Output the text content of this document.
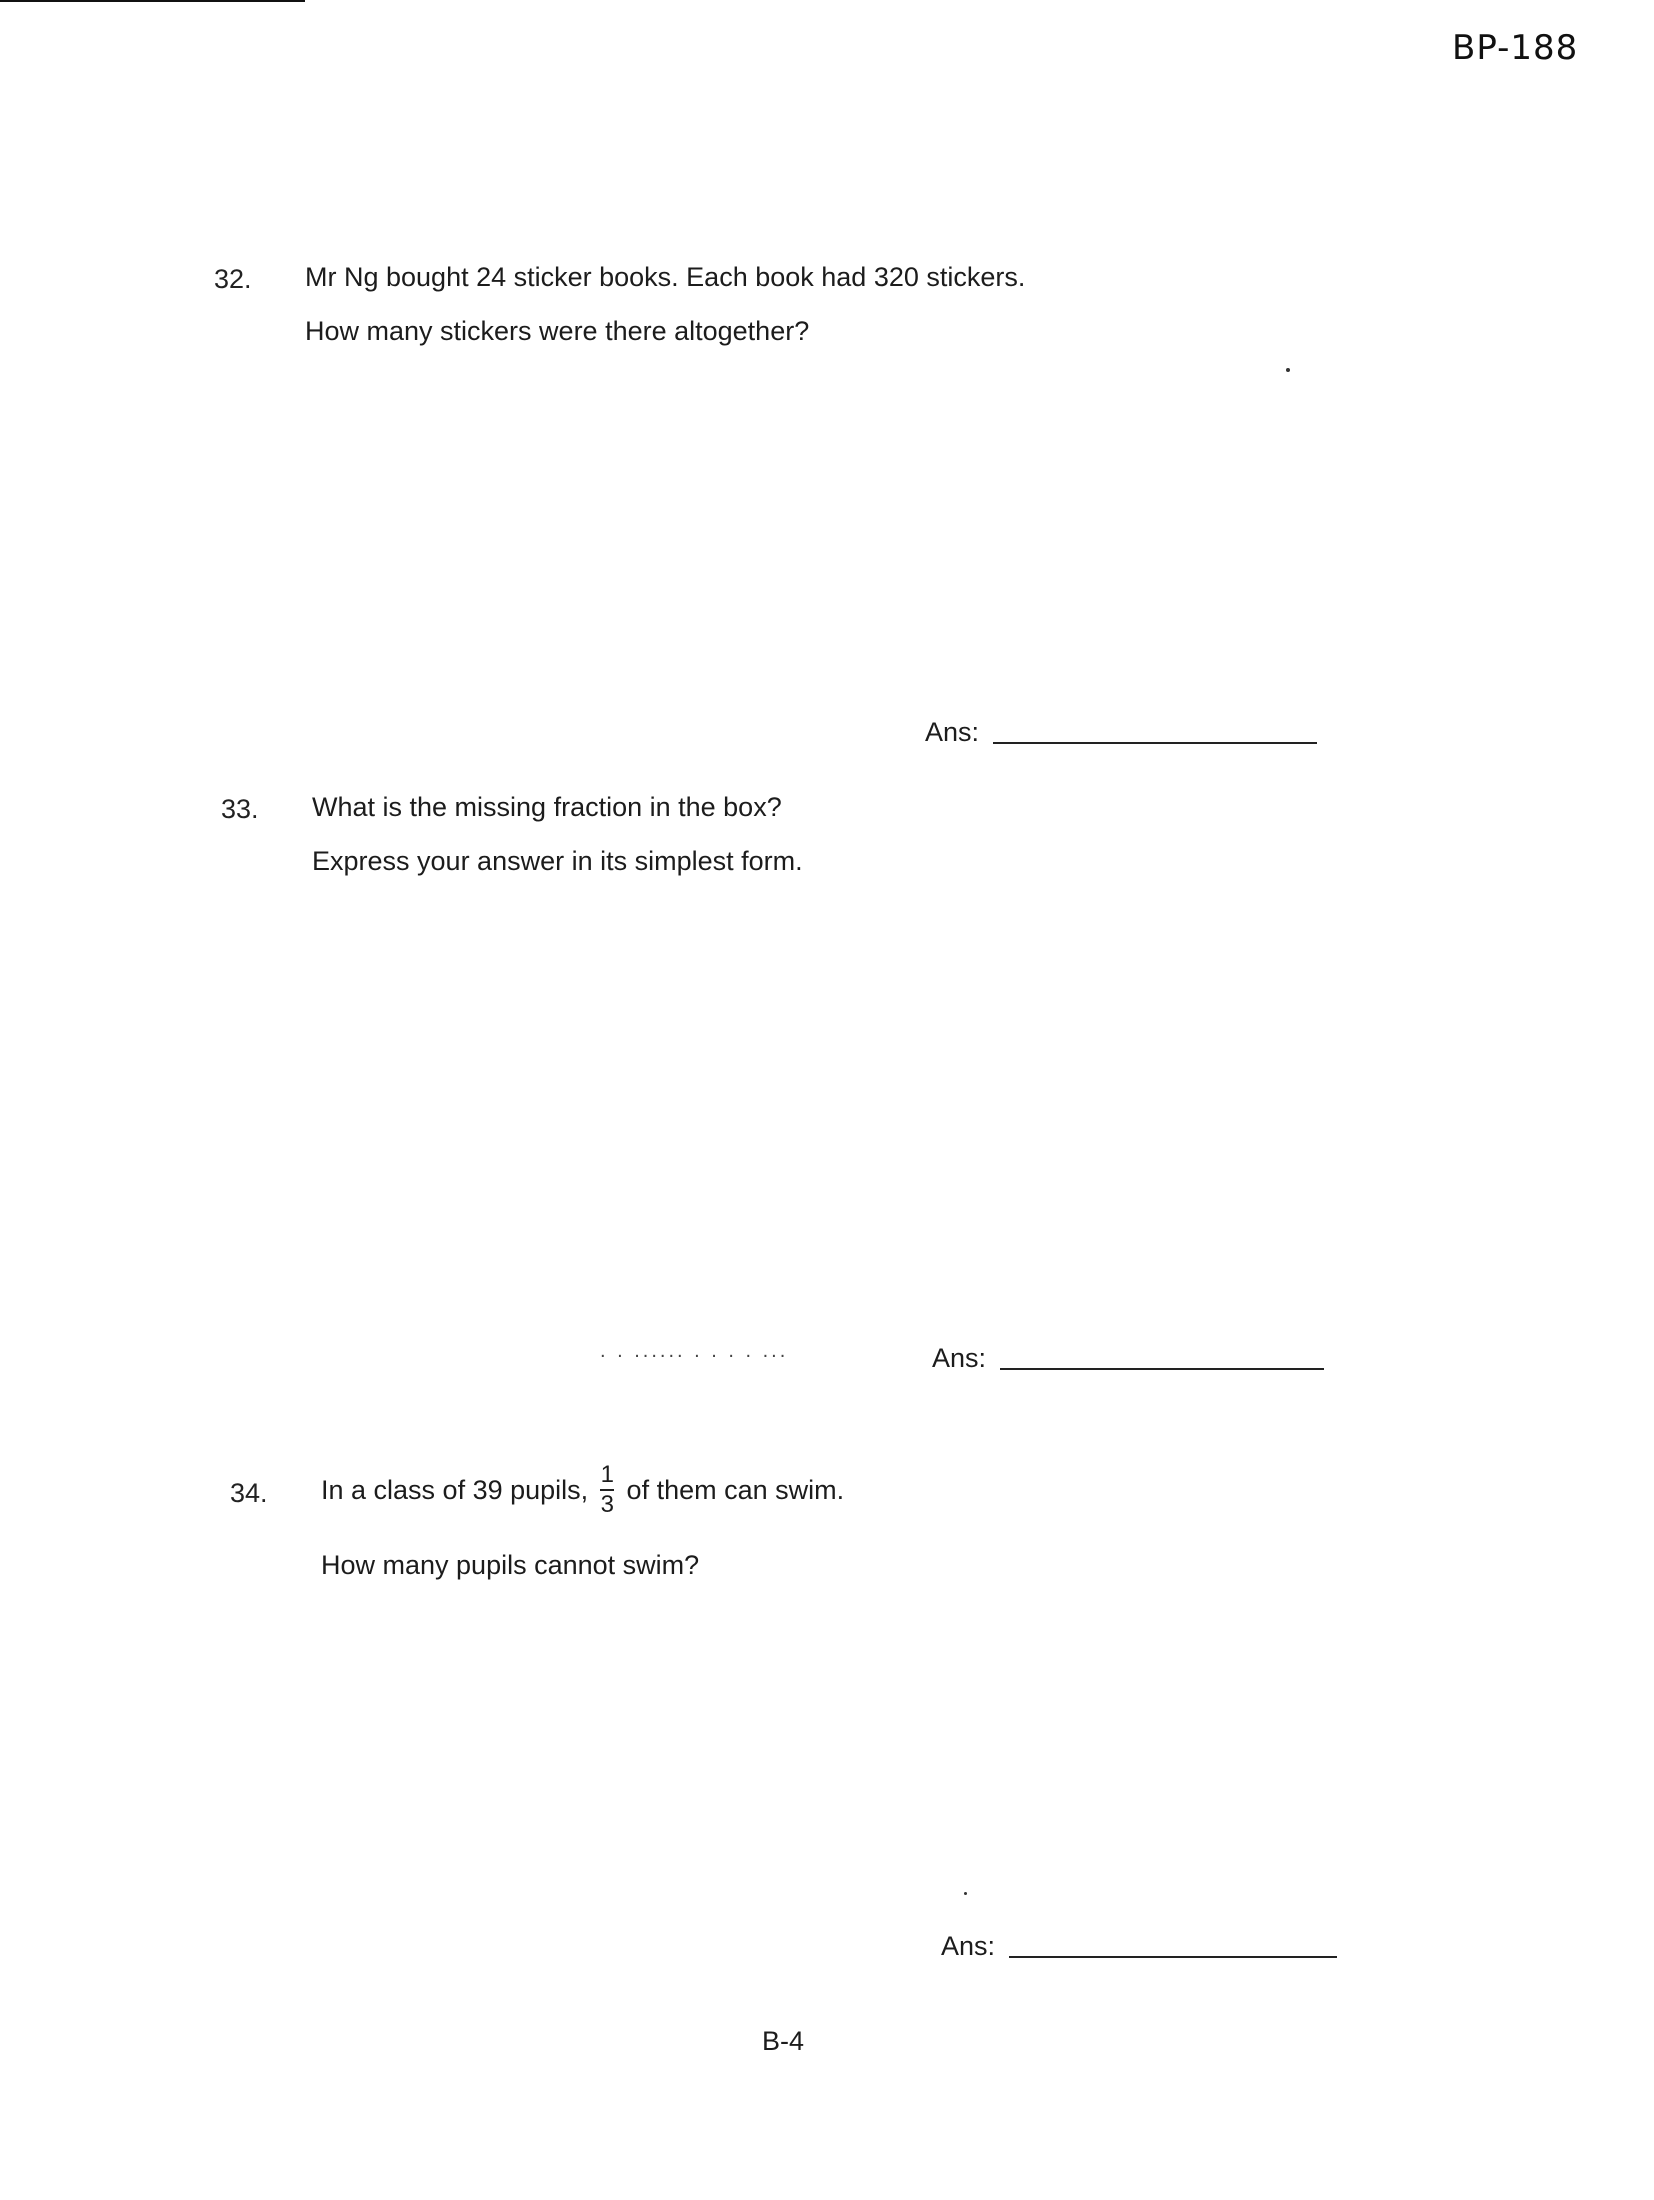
BP-188
32. Mr Ng bought 24 sticker books. Each book had 320 stickers.
How many stickers were there altogether?
Ans:
33. What is the missing fraction in the box?
Express your answer in its simplest form.
. . ...... . . . . ...	Ans:
34. In a class of 39 pupils, $\frac{1}{3}$ of them can swim.
How many pupils cannot swim?
Ans:
B-4
